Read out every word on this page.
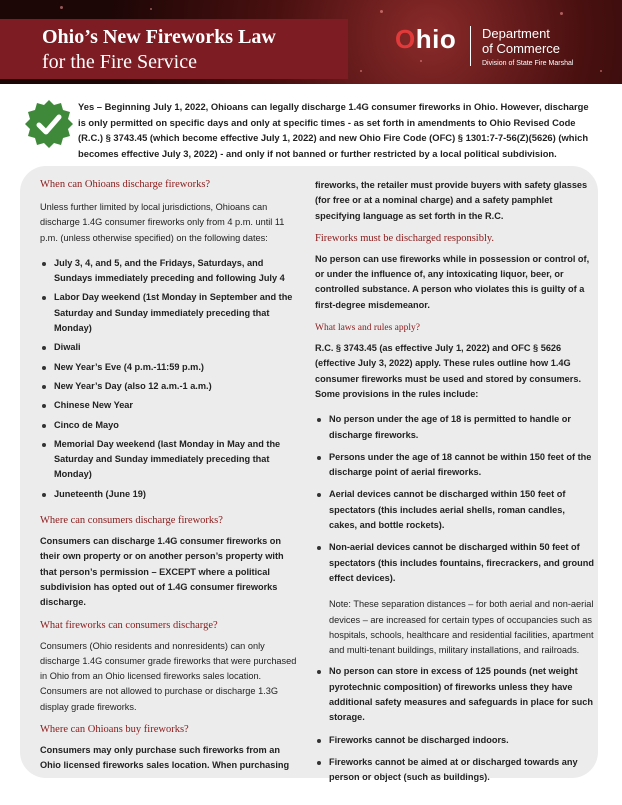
Ohio’s New Fireworks Law
for the Fire Service
Ohio Department
of Commerce
Division of State Fire Marshal
Yes – Beginning July 1, 2022, Ohioans can legally discharge 1.4G consumer fireworks in Ohio. However, discharge is only permitted on specific days and only at specific times - as set forth in amendments to Ohio Revised Code (R.C.) § 3743.45 (which become effective July 1, 2022) and new Ohio Fire Code (OFC) § 1301:7-7-56(Z)(5626) (which becomes effective July 3, 2022) - and only if not banned or further restricted by a local political subdivision.
When can Ohioans discharge fireworks?

Unless further limited by local jurisdictions, Ohioans can discharge 1.4G consumer fireworks only from 4 p.m. until 11 p.m. (unless otherwise specified) on the following dates:

July 3, 4, and 5, and the Fridays, Saturdays, and Sundays immediately preceding and following July 4
Labor Day weekend (1st Monday in September and the Saturday and Sunday immediately preceding that Monday)
Diwali
New Year’s Eve (4 p.m.-11:59 p.m.)
New Year’s Day (also 12 a.m.-1 a.m.)
Chinese New Year
Cinco de Mayo
Memorial Day weekend (last Monday in May and the Saturday and Sunday immediately preceding that Monday)
Juneteenth (June 19)
Where can consumers discharge fireworks?

Consumers can discharge 1.4G consumer fireworks on their own property or on another person’s property with that person’s permission – EXCEPT where a political subdivision has opted out of 1.4G consumer fireworks discharge.

What fireworks can consumers discharge?

Consumers (Ohio residents and nonresidents) can only discharge 1.4G consumer grade fireworks that were purchased in Ohio from an Ohio licensed fireworks sales location. Consumers are not allowed to purchase or discharge 1.3G display grade fireworks.

Where can Ohioans buy fireworks?

Consumers may only purchase such fireworks from an Ohio licensed fireworks sales location. When purchasing

fireworks, the retailer must provide buyers with safety glasses (for free or at a nominal charge) and a safety pamphlet specifying language as set forth in the R.C.

Fireworks must be discharged responsibly.

No person can use fireworks while in possession or control of, or under the influence of, any intoxicating liquor, beer, or controlled substance. A person who violates this is guilty of a first-degree misdemeanor.

What laws and rules apply?

R.C. § 3743.45 (as effective July 1, 2022) and OFC § 5626 (effective July 3, 2022) apply. These rules outline how 1.4G consumer fireworks must be used and stored by consumers. Some provisions in the rules include:

No person under the age of 18 is permitted to handle or discharge fireworks.
Persons under the age of 18 cannot be within 150 feet of the discharge point of aerial fireworks.
Aerial devices cannot be discharged within 150 feet of spectators (this includes aerial shells, roman candles, cakes, and bottle rockets).
Non-aerial devices cannot be discharged within 50 feet of spectators (this includes fountains, firecrackers, and ground effect devices).
Note: These separation distances – for both aerial and non-aerial devices – are increased for certain types of occupancies such as hospitals, schools, healthcare and residential facilities, apartment and multi-tenant buildings, military installations, and railroads.
No person can store in excess of 125 pounds (net weight pyrotechnic composition) of fireworks unless they have additional safety measures and safeguards in place for such storage.
Fireworks cannot be discharged indoors.
Fireworks cannot be aimed at or discharged towards any person or object (such as buildings).
